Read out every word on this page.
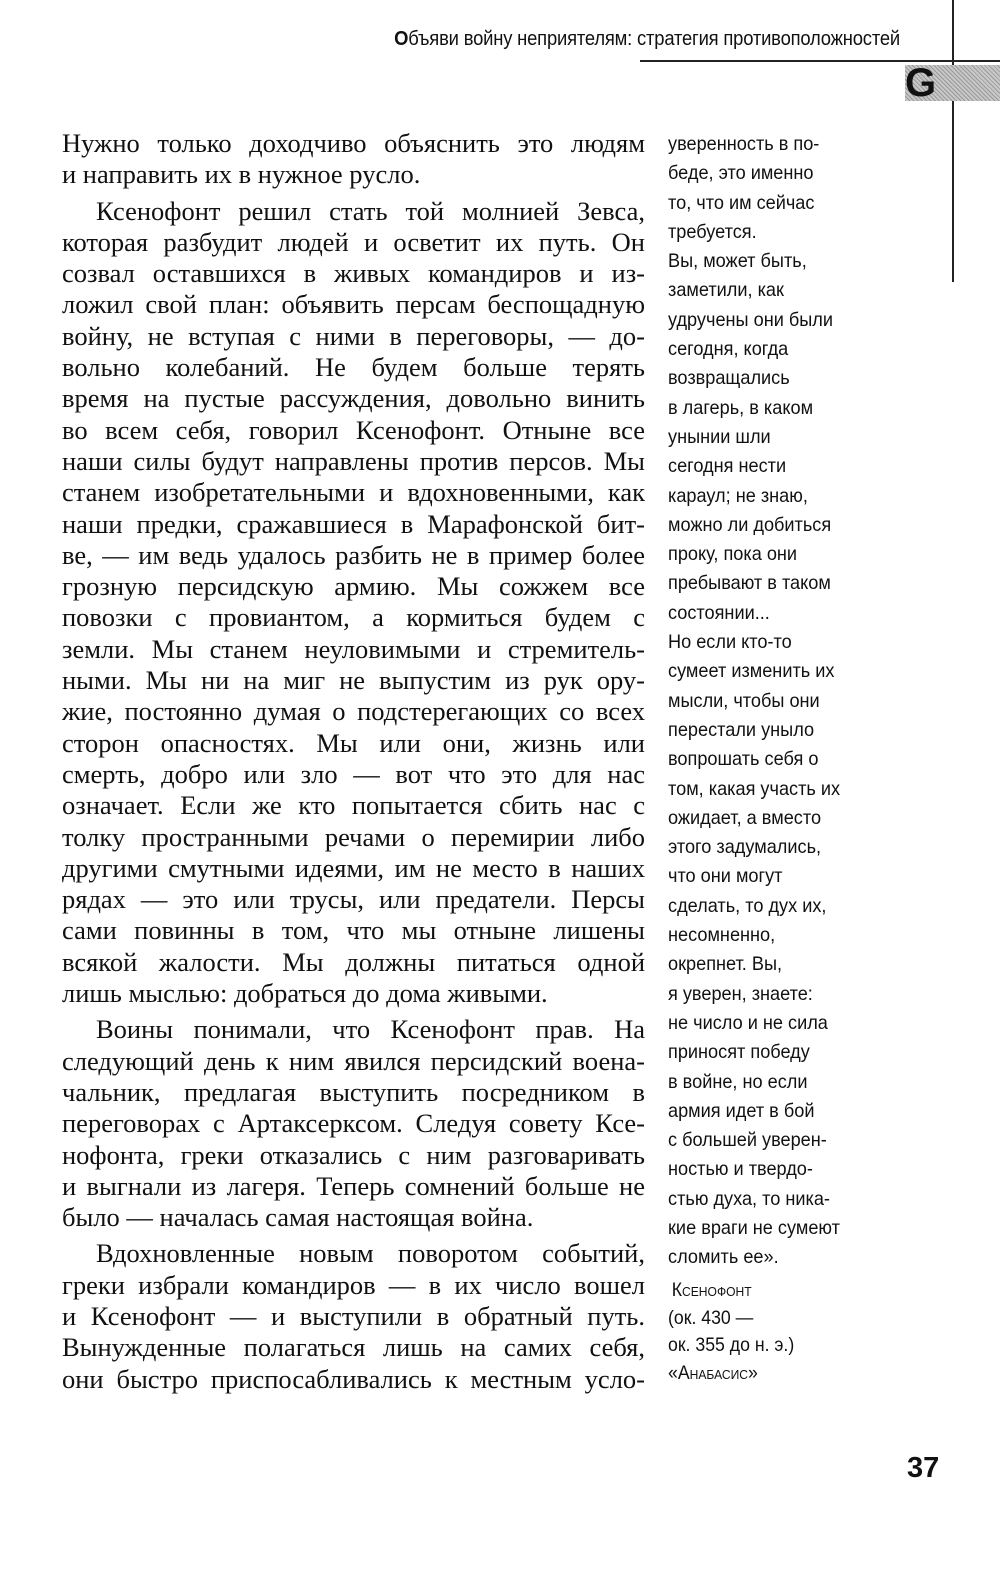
Объяви войну неприятелям: стратегия противоположностей
G
Нужно только доходчиво объяснить это людям
и направить их в нужное русло.
Ксенофонт решил стать той молнией Зевса,
которая разбудит людей и осветит их путь. Он
созвал оставшихся в живых командиров и из-
ложил свой план: объявить персам беспощадную
войну, не вступая с ними в переговоры, — до-
вольно колебаний. Не будем больше терять
время на пустые рассуждения, довольно винить
во всем себя, говорил Ксенофонт. Отныне все
наши силы будут направлены против персов. Мы
станем изобретательными и вдохновенными, как
наши предки, сражавшиеся в Марафонской бит-
ве, — им ведь удалось разбить не в пример более
грозную персидскую армию. Мы сожжем все
повозки с провиантом, а кормиться будем с
земли. Мы станем неуловимыми и стремитель-
ными. Мы ни на миг не выпустим из рук ору-
жие, постоянно думая о подстерегающих со всех
сторон опасностях. Мы или они, жизнь или
смерть, добро или зло — вот что это для нас
означает. Если же кто попытается сбить нас с
толку пространными речами о перемирии либо
другими смутными идеями, им не место в наших
рядах — это или трусы, или предатели. Персы
сами повинны в том, что мы отныне лишены
всякой жалости. Мы должны питаться одной
лишь мыслью: добраться до дома живыми.
Воины понимали, что Ксенофонт прав. На
следующий день к ним явился персидский воена-
чальник, предлагая выступить посредником в
переговорах с Артаксерксом. Следуя совету Ксе-
нофонта, греки отказались с ним разговаривать
и выгнали из лагеря. Теперь сомнений больше не
было — началась самая настоящая война.
Вдохновленные новым поворотом событий,
греки избрали командиров — в их число вошел
и Ксенофонт — и выступили в обратный путь.
Вынужденные полагаться лишь на самих себя,
они быстро приспосабливались к местным усло-
уверенность в по-
беде, это именно
то, что им сейчас
требуется.
Вы, может быть,
заметили, как
удручены они были
сегодня, когда
возвращались
в лагерь, в каком
унынии шли
сегодня нести
караул; не знаю,
можно ли добиться
проку, пока они
пребывают в таком
состоянии...
Но если кто-то
сумеет изменить их
мысли, чтобы они
перестали уныло
вопрошать себя о
том, какая участь их
ожидает, а вместо
этого задумались,
что они могут
сделать, то дух их,
несомненно,
окрепнет. Вы,
я уверен, знаете:
не число и не сила
приносят победу
в войне, но если
армия идет в бой
с большей уверен-
ностью и твердо-
стью духа, то ника-
кие враги не сумеют
сломить ее».
Ксенофонт
(ок. 430 —
ок. 355 до н. э.)
«Анабасис»
37
